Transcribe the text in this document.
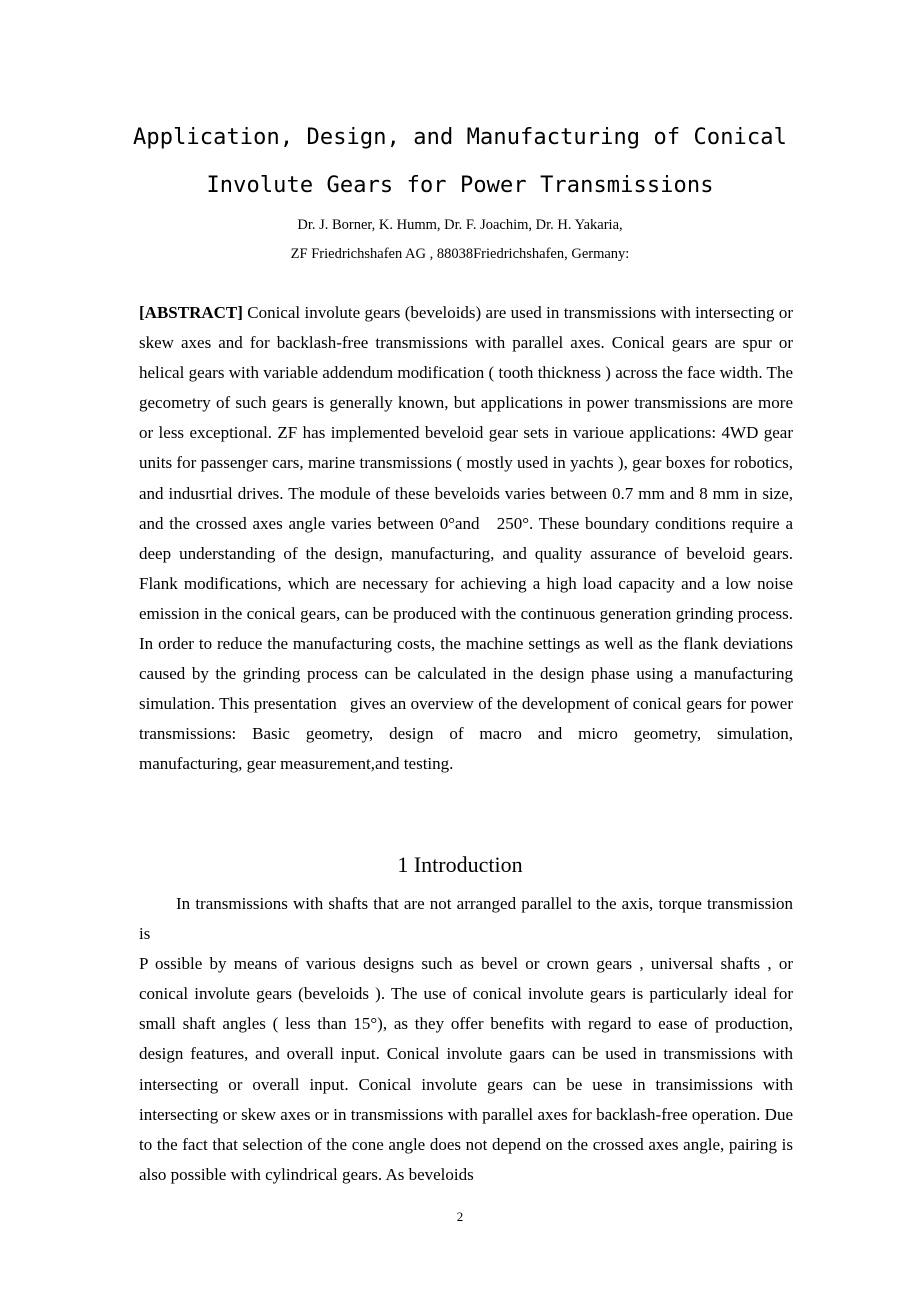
Application, Design, and Manufacturing of Conical
Involute Gears for Power Transmissions
Dr. J. Borner, K. Humm, Dr. F. Joachim, Dr. H. Yakaria,
ZF Friedrichshafen AG , 88038Friedrichshafen, Germany:
[ABSTRACT] Conical involute gears (beveloids) are used in transmissions with intersecting or skew axes and for backlash-free transmissions with parallel axes. Conical gears are spur or helical gears with variable addendum modification ( tooth thickness ) across the face width. The gecometry of such gears is generally known, but applications in power transmissions are more or less exceptional. ZF has implemented beveloid gear sets in varioue applications: 4WD gear units for passenger cars, marine transmissions ( mostly used in yachts ), gear boxes for robotics, and indusrtial drives. The module of these beveloids varies between 0.7 mm and 8 mm in size, and the crossed axes angle varies between 0°and   250°. These boundary conditions require a deep understanding of the design, manufacturing, and quality assurance of beveloid gears. Flank modifications, which are necessary for achieving a high load capacity and a low noise emission in the conical gears, can be produced with the continuous generation grinding process. In order to reduce the manufacturing costs, the machine settings as well as the flank deviations caused by the grinding process can be calculated in the design phase using a manufacturing simulation. This presentation   gives an overview of the development of conical gears for power transmissions: Basic geometry, design of macro and micro geometry, simulation, manufacturing, gear measurement,and testing.
1 Introduction

In transmissions with shafts that are not arranged parallel to the axis, torque transmission is

P ossible by means of various designs such as bevel or crown gears , universal shafts , or conical involute gears (beveloids ). The use of conical involute gears is particularly ideal for small shaft angles ( less than 15°), as they offer benefits with regard to ease of production, design features, and overall input. Conical involute gaars can be used in transmissions with intersecting or overall input. Conical involute gears can be uese in transimissions with intersecting or skew axes or in transmissions with parallel axes for backlash-free operation. Due to the fact that selection of the cone angle does not depend on the crossed axes angle, pairing is also possible with cylindrical gears. As beveloids

2
